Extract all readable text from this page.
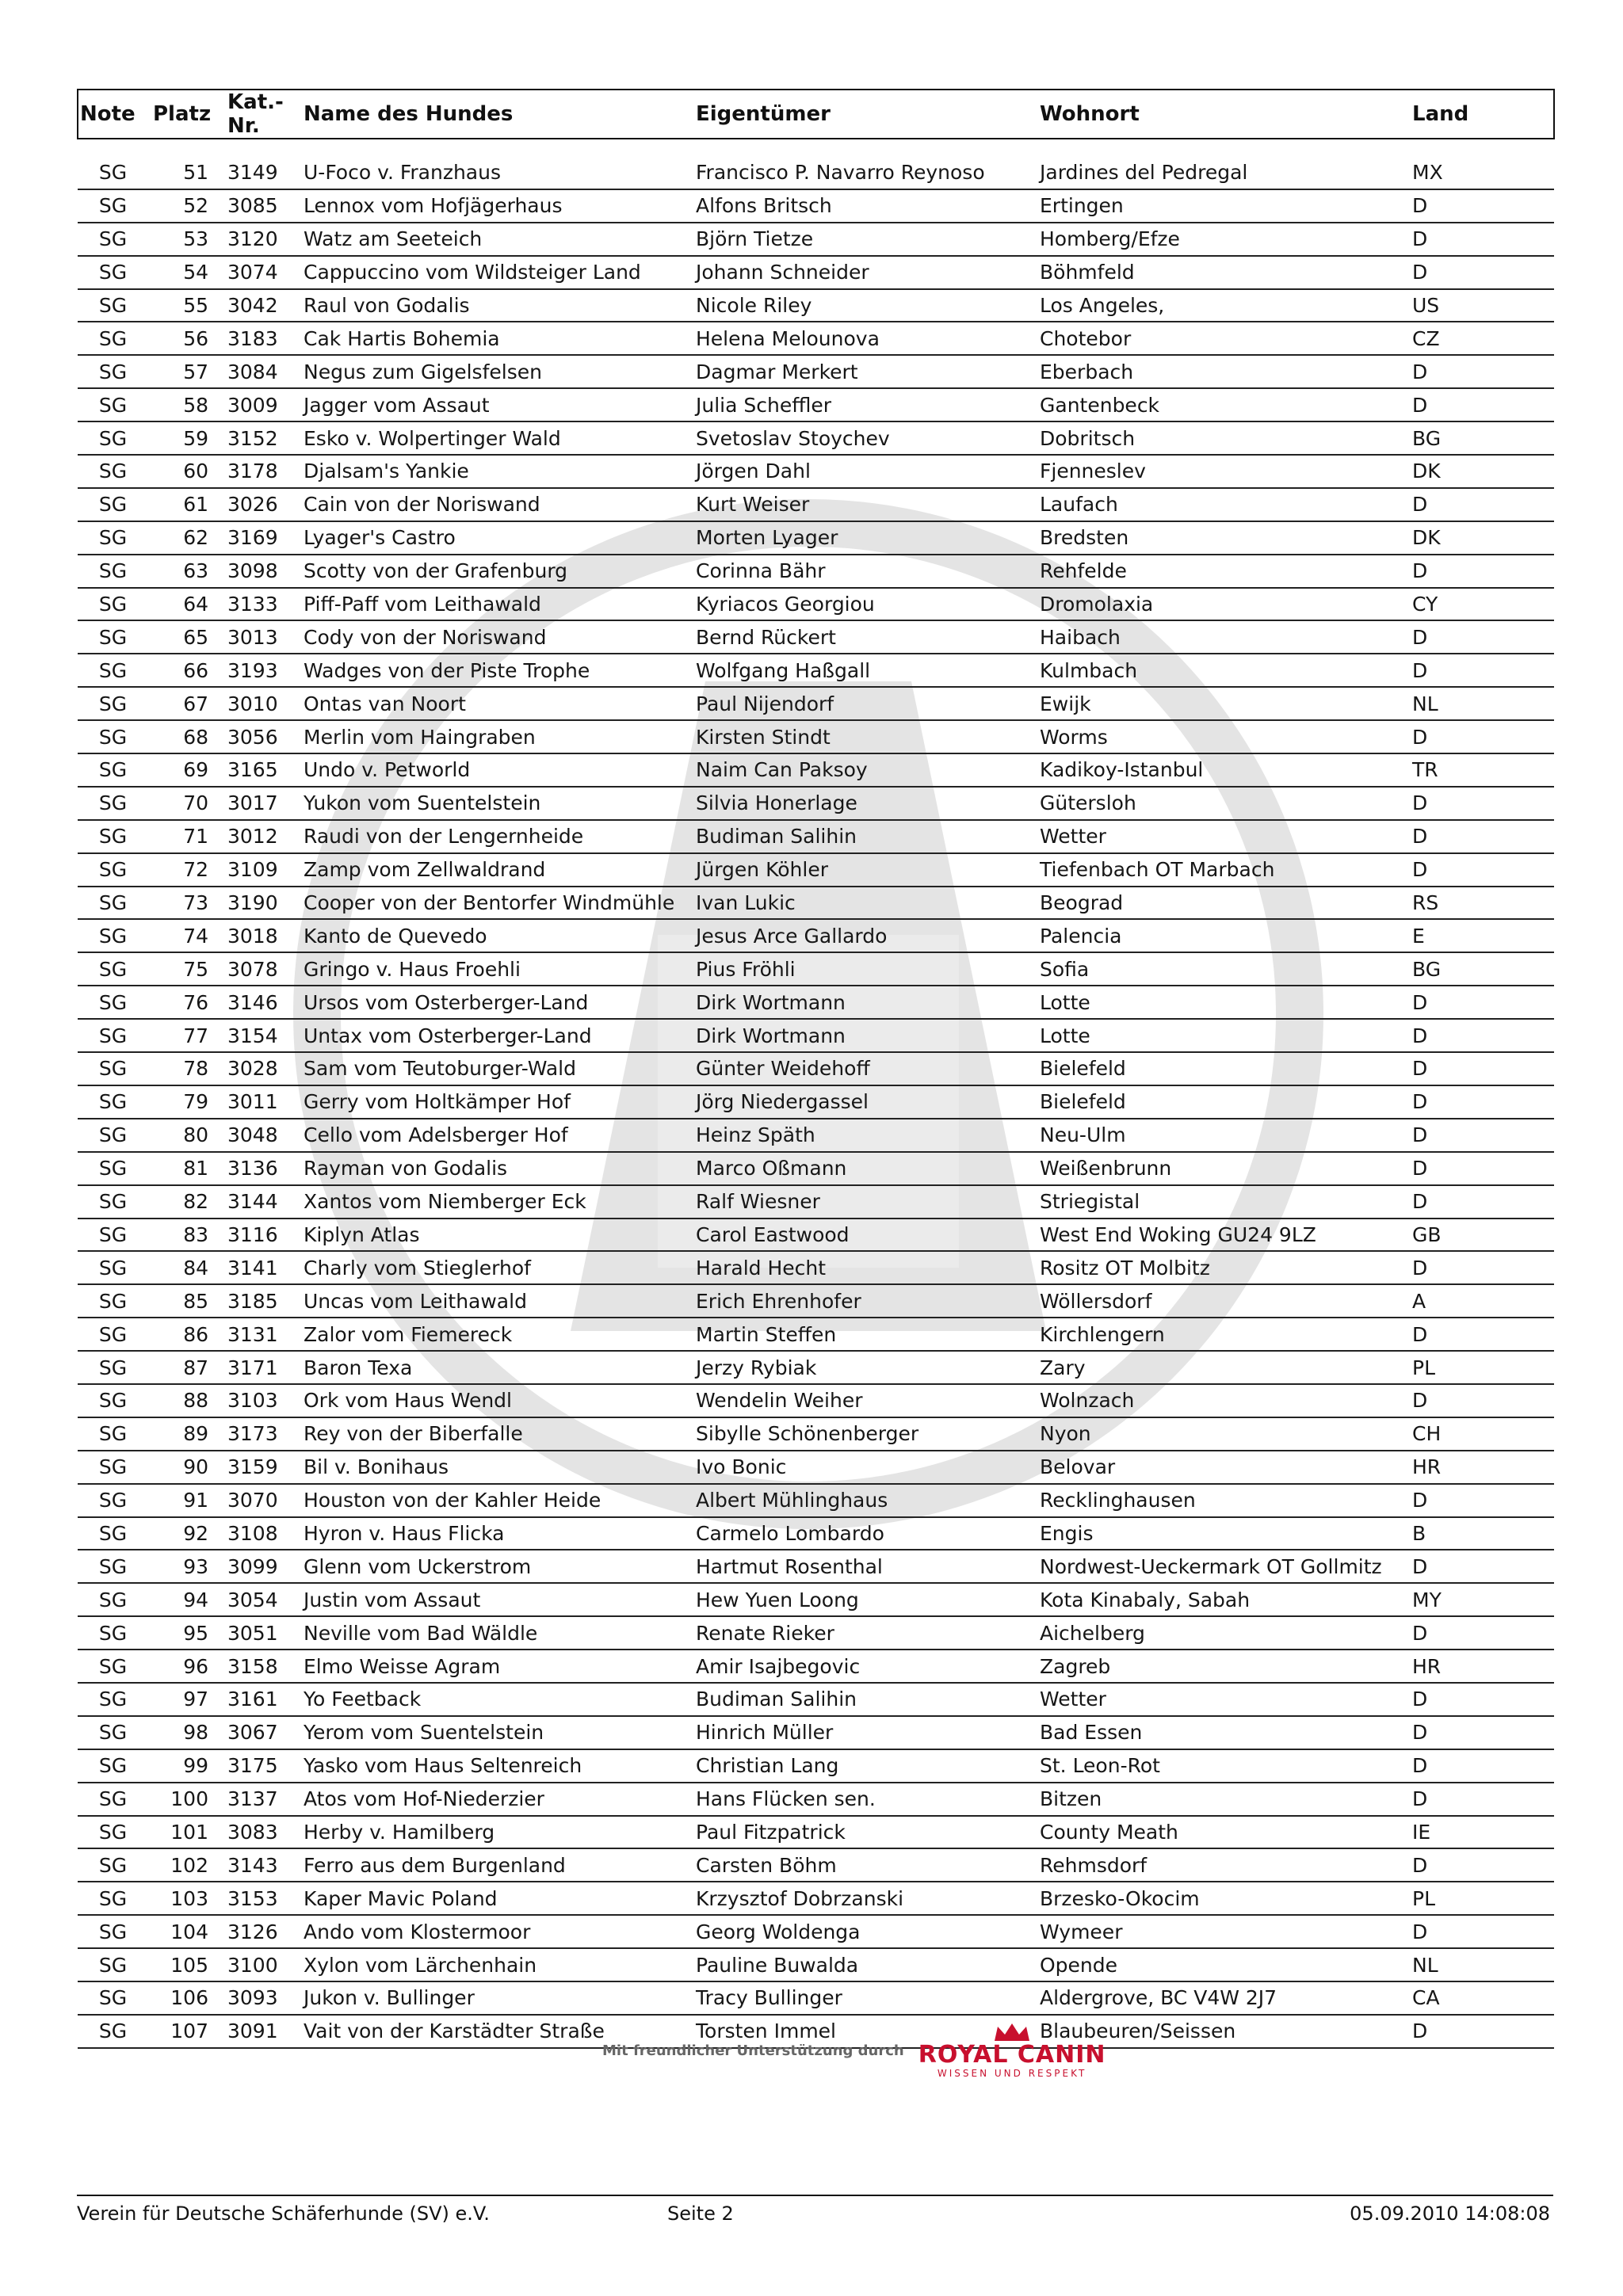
Note	Platz	Kat.-Nr.	Name des Hundes	Eigentümer	Wohnort	Land

SG	51	3149	U-Foco v. Franzhaus	Francisco P. Navarro Reynoso	Jardines del Pedregal	MX
SG	52	3085	Lennox vom Hofjägerhaus	Alfons Britsch	Ertingen	D
SG	53	3120	Watz am Seeteich	Björn Tietze	Homberg/Efze	D
SG	54	3074	Cappuccino vom Wildsteiger Land	Johann Schneider	Böhmfeld	D
SG	55	3042	Raul von Godalis	Nicole Riley	Los Angeles,	US
SG	56	3183	Cak Hartis Bohemia	Helena Melounova	Chotebor	CZ
SG	57	3084	Negus zum Gigelsfelsen	Dagmar Merkert	Eberbach	D
SG	58	3009	Jagger vom Assaut	Julia Scheffler	Gantenbeck	D
SG	59	3152	Esko v. Wolpertinger Wald	Svetoslav Stoychev	Dobritsch	BG
SG	60	3178	Djalsam's Yankie	Jörgen Dahl	Fjenneslev	DK
SG	61	3026	Cain von der Noriswand	Kurt Weiser	Laufach	D
SG	62	3169	Lyager's Castro	Morten Lyager	Bredsten	DK
SG	63	3098	Scotty von der Grafenburg	Corinna Bähr	Rehfelde	D
SG	64	3133	Piff-Paff vom Leithawald	Kyriacos Georgiou	Dromolaxia	CY
SG	65	3013	Cody von der Noriswand	Bernd Rückert	Haibach	D
SG	66	3193	Wadges von der Piste Trophe	Wolfgang Haßgall	Kulmbach	D
SG	67	3010	Ontas van Noort	Paul Nijendorf	Ewijk	NL
SG	68	3056	Merlin vom Haingraben	Kirsten Stindt	Worms	D
SG	69	3165	Undo v. Petworld	Naim Can Paksoy	Kadikoy-Istanbul	TR
SG	70	3017	Yukon vom Suentelstein	Silvia Honerlage	Gütersloh	D
SG	71	3012	Raudi von der Lengernheide	Budiman Salihin	Wetter	D
SG	72	3109	Zamp vom Zellwaldrand	Jürgen Köhler	Tiefenbach OT Marbach	D
SG	73	3190	Cooper von der Bentorfer Windmühle	Ivan Lukic	Beograd	RS
SG	74	3018	Kanto de Quevedo	Jesus Arce Gallardo	Palencia	E
SG	75	3078	Gringo v. Haus Froehli	Pius Fröhli	Sofia	BG
SG	76	3146	Ursos vom Osterberger-Land	Dirk Wortmann	Lotte	D
SG	77	3154	Untax vom Osterberger-Land	Dirk Wortmann	Lotte	D
SG	78	3028	Sam vom Teutoburger-Wald	Günter Weidehoff	Bielefeld	D
SG	79	3011	Gerry vom Holtkämper Hof	Jörg Niedergassel	Bielefeld	D
SG	80	3048	Cello vom Adelsberger Hof	Heinz Späth	Neu-Ulm	D
SG	81	3136	Rayman von Godalis	Marco Oßmann	Weißenbrunn	D
SG	82	3144	Xantos vom Niemberger Eck	Ralf Wiesner	Striegistal	D
SG	83	3116	Kiplyn Atlas	Carol Eastwood	West End Woking GU24 9LZ	GB
SG	84	3141	Charly vom Stieglerhof	Harald Hecht	Rositz OT Molbitz	D
SG	85	3185	Uncas vom Leithawald	Erich Ehrenhofer	Wöllersdorf	A
SG	86	3131	Zalor vom Fiemereck	Martin Steffen	Kirchlengern	D
SG	87	3171	Baron Texa	Jerzy Rybiak	Zary	PL
SG	88	3103	Ork vom Haus Wendl	Wendelin Weiher	Wolnzach	D
SG	89	3173	Rey von der Biberfalle	Sibylle Schönenberger	Nyon	CH
SG	90	3159	Bil v. Bonihaus	Ivo Bonic	Belovar	HR
SG	91	3070	Houston von der Kahler Heide	Albert Mühlinghaus	Recklinghausen	D
SG	92	3108	Hyron v. Haus Flicka	Carmelo Lombardo	Engis	B
SG	93	3099	Glenn vom Uckerstrom	Hartmut Rosenthal	Nordwest-Ueckermark OT Gollmitz	D
SG	94	3054	Justin vom Assaut	Hew Yuen Loong	Kota Kinabaly, Sabah	MY
SG	95	3051	Neville vom Bad Wäldle	Renate Rieker	Aichelberg	D
SG	96	3158	Elmo Weisse Agram	Amir Isajbegovic	Zagreb	HR
SG	97	3161	Yo Feetback	Budiman Salihin	Wetter	D
SG	98	3067	Yerom vom Suentelstein	Hinrich Müller	Bad Essen	D
SG	99	3175	Yasko vom Haus Seltenreich	Christian Lang	St. Leon-Rot	D
SG	100	3137	Atos vom Hof-Niederzier	Hans Flücken sen.	Bitzen	D
SG	101	3083	Herby v. Hamilberg	Paul Fitzpatrick	County Meath	IE
SG	102	3143	Ferro aus dem Burgenland	Carsten Böhm	Rehmsdorf	D
SG	103	3153	Kaper Mavic Poland	Krzysztof Dobrzanski	Brzesko-Okocim	PL
SG	104	3126	Ando vom Klostermoor	Georg Woldenga	Wymeer	D
SG	105	3100	Xylon vom Lärchenhain	Pauline Buwalda	Opende	NL
SG	106	3093	Jukon v. Bullinger	Tracy Bullinger	Aldergrove, BC V4W 2J7	CA
SG	107	3091	Vait von der Karstädter Straße	Torsten Immel	Blaubeuren/Seissen	D
Mit freundlicher Unterstützung durch ROYAL CANIN
WISSEN UND RESPEKT
Verein für Deutsche Schäferhunde (SV) e.V.	Seite 2	05.09.2010 14:08:08
